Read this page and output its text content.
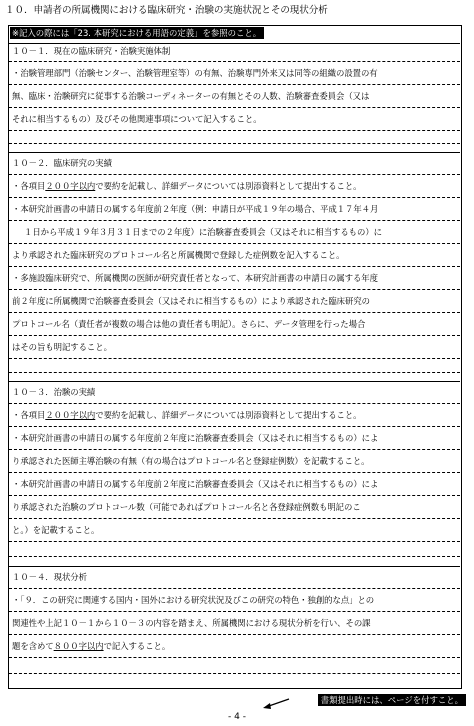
１０．申請者の所属機関における臨床研究・治験の実施状況とその現状分析
※記入の際には「23. 本研究における用語の定義」を参照のこと。
１０－１．現在の臨床研究・治験実施体制
・治験管理部門（治験センター、治験管理室等）の有無、治験専門外来又は同等の組織の設置の有
無、臨床・治験研究に従事する治験コーディネーターの有無とその人数、治験審査委員会（又は
それに相当するもの）及びその他関連事項について記入すること。
１０－２．臨床研究の実績
・各項目２００字以内で要約を記載し、詳細データについては別添資料として提出すること。
・本研究計画書の申請日の属する年度前２年度（例：申請日が平成１９年の場合、平成１７年４月
１日から平成１９年３月３１日までの２年度）に治験審査委員会（又はそれに相当するもの）に
より承認された臨床研究のプロトコール名と所属機関で登録した症例数を記入すること。
・多施設臨床研究で、所属機関の医師が研究責任者となって、本研究計画書の申請日の属する年度
前２年度に所属機関で治験審査委員会（又はそれに相当するもの）により承認された臨床研究の
プロトコール名（責任者が複数の場合は他の責任者も明記）。さらに、データ管理を行った場合
はその旨も明記すること。
１０－３．治験の実績
・各項目２００字以内で要約を記載し、詳細データについては別添資料として提出すること。
・本研究計画書の申請日の属する年度前２年度に治験審査委員会（又はそれに相当するもの）によ
り承認された医師主導治験の有無（有の場合はプロトコール名と登録症例数）を記載すること。
・本研究計画書の申請日の属する年度前２年度に治験審査委員会（又はそれに相当するもの）によ
り承認された治験のプロトコール数（可能であればプロトコール名と各登録症例数も明記のこ
と。）を記載すること。
１０－４．現状分析
・「９．この研究に関連する国内・国外における研究状況及びこの研究の特色・独創的な点」との
関連性や上記１０－１から１０－３の内容を踏まえ、所属機関における現状分析を行い、その課
題を含めて８００字以内で記入すること。
書類提出時には、ページを付すこと。
- 4 -
